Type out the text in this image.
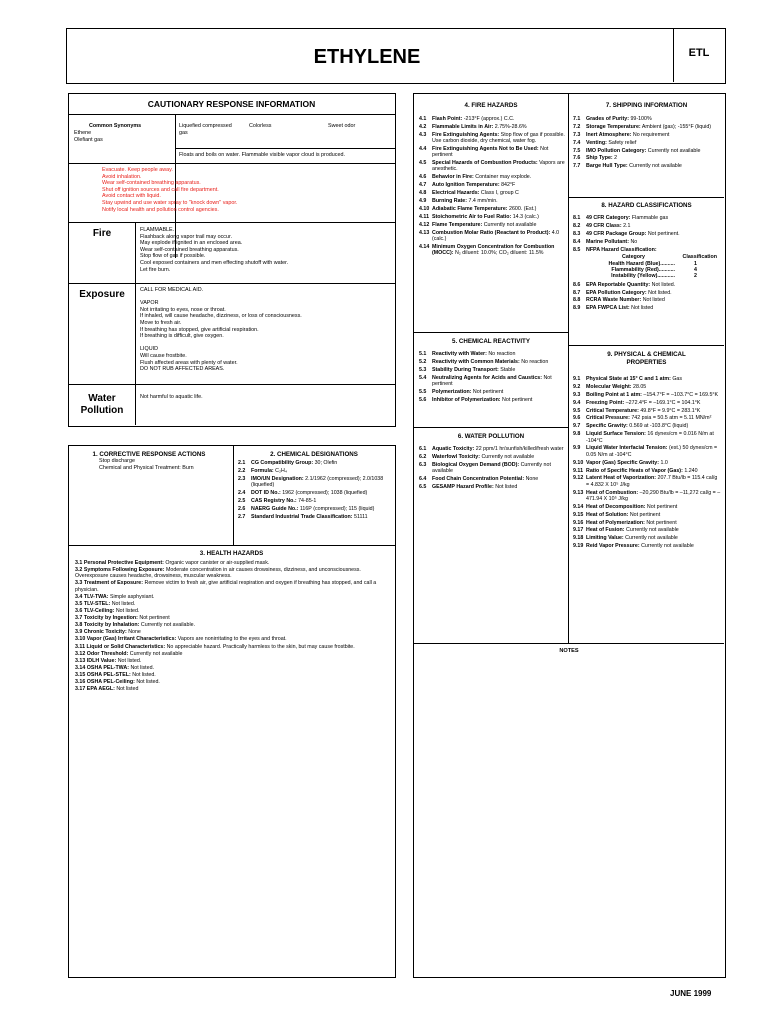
ETHYLENE	ETL
CAUTIONARY RESPONSE INFORMATION
Common Synonyms
Ethene
Olefiant gas
Liquefied compressed gas
Colorless	Sweet odor
Floats and boils on water. Flammable visible vapor cloud is produced.
Evacuate. Keep people away.
Avoid inhalation.
Wear self-contained breathing apparatus.
Shut off ignition sources and call fire department.
Avoid contact with liquid.
Stay upwind and use water spray to "knock down" vapor.
Notify local health and pollution control agencies.
Fire	FLAMMABLE.
Flashback along vapor trail may occur.
May explode if ignited in an enclosed area.
Wear self-contained breathing apparatus.
Stop flow of gas if possible.
Cool exposed containers and men effecting shutoff with water.
Let fire burn.
Exposure	CALL FOR MEDICAL AID.
VAPOR
Not irritating to eyes, nose or throat.
If inhaled, will cause headache, dizziness, or loss of consciousness.
Move to fresh air.
If breathing has stopped, give artificial respiration.
If breathing is difficult, give oxygen.
LIQUID
Will cause frostbite.
Flush affected areas with plenty of water.
DO NOT RUB AFFECTED AREAS.
Water
Pollution
Not harmful to aquatic life.
1. CORRECTIVE RESPONSE ACTIONS
Stop discharge
Chemical and Physical Treatment: Burn
2. CHEMICAL DESIGNATIONS
2.1 CG Compatibility Group: 30; Olefin
2.2 Formula: C₂H₄
2.3 IMO/UN Designation: 2.1/1962 (compressed); 2.0/1038 (liquefied)
2.4 DOT ID No.: 1962 (compressed); 1038 (liquefied)
2.5 CAS Registry No.: 74-85-1
2.6 NAERG Guide No.: 116P (compressed); 115 (liquid)
2.7 Standard Industrial Trade Classification: 51111
3. HEALTH HAZARDS
3.1 Personal Protective Equipment: Organic vapor canister or air-supplied mask.
3.2 Symptoms Following Exposure: Moderate concentration in air causes drowsiness, dizziness, and unconsciousness. Overexposure causes headache, drowsiness, muscular weakness.
3.3 Treatment of Exposure: Remove victim to fresh air, give artificial respiration and oxygen if breathing has stopped, and call a physician.
3.4 TLV-TWA: Simple asphyxiant.
3.5 TLV-STEL: Not listed.
3.6 TLV-Ceiling: Not listed.
3.7 Toxicity by Ingestion: Not pertinent
3.8 Toxicity by Inhalation: Currently not available.
3.9 Chronic Toxicity: None
3.10 Vapor (Gas) Irritant Characteristics: Vapors are nonirritating to the eyes and throat.
3.11 Liquid or Solid Characteristics: No appreciable hazard. Practically harmless to the skin, but may cause frostbite.
3.12 Odor Threshold: Currently not available
3.13 IDLH Value: Not listed.
3.14 OSHA PEL-TWA: Not listed.
3.15 OSHA PEL-STEL: Not listed.
3.16 OSHA PEL-Ceiling: Not listed.
3.17 EPA AEGL: Not listed
4. FIRE HAZARDS
4.1 Flash Point: -213°F (approx.) C.C.
4.2 Flammable Limits in Air: 2.75%-28.6%
4.3 Fire Extinguishing Agents: Stop flow of gas if possible. Use carbon dioxide, dry chemical, water fog.
4.4 Fire Extinguishing Agents Not to Be Used: Not pertinent
4.5 Special Hazards of Combustion Products: Vapors are anesthetic.
4.6 Behavior in Fire: Container may explode.
4.7 Auto Ignition Temperature: 842°F
4.8 Electrical Hazards: Class I, group C
4.9 Burning Rate: 7.4 mm/min.
4.10 Adiabatic Flame Temperature: 2600. (Est.)
4.11 Stoichometric Air to Fuel Ratio: 14.3 (calc.)
4.12 Flame Temperature: Currently not available
4.13 Combustion Molar Ratio (Reactant to Product): 4.0 (calc.)
4.14 Minimum Oxygen Concentration for Combustion (MOCC): N₂ diluent: 10.0%; CO₂ diluent: 11.5%
5. CHEMICAL REACTIVITY
5.1 Reactivity with Water: No reaction
5.2 Reactivity with Common Materials: No reaction
5.3 Stability During Transport: Stable
5.4 Neutralizing Agents for Acids and Caustics: Not pertinent
5.5 Polymerization: Not pertinent
5.6 Inhibitor of Polymerization: Not pertinent
6. WATER POLLUTION
6.1 Aquatic Toxicity: 22 ppm/1 hr/sunfish/killed/fresh water
6.2 Waterfowl Toxicity: Currently not available
6.3 Biological Oxygen Demand (BOD): Currently not available
6.4 Food Chain Concentration Potential: None
6.5 GESAMP Hazard Profile: Not listed
7. SHIPPING INFORMATION
7.1 Grades of Purity: 99-100%
7.2 Storage Temperature: Ambient (gas); -155°F (liquid)
7.3 Inert Atmosphere: No requirement
7.4 Venting: Safety relief
7.5 IMO Pollution Category: Currently not available
7.6 Ship Type: 2
7.7 Barge Hull Type: Currently not available
8. HAZARD CLASSIFICATIONS
8.1 49 CFR Category: Flammable gas
8.2 49 CFR Class: 2.1
8.3 49 CFR Package Group: Not pertinent.
8.4 Marine Pollutant: No
8.5 NFPA Hazard Classification:
Category	Classification
Health Hazard (Blue)..........	1
Flammability (Red)...........	4
Instability (Yellow)............	2
8.6 EPA Reportable Quantity: Not listed.
8.7 EPA Pollution Category: Not listed.
8.8 RCRA Waste Number: Not listed
8.9 EPA FWPCA List: Not listed
9. PHYSICAL & CHEMICAL
PROPERTIES
9.1 Physical State at 15° C and 1 atm: Gas
9.2 Molecular Weight: 28.05
9.3 Boiling Point at 1 atm: –154.7°F = –103.7°C = 169.5°K
9.4 Freezing Point: –272.4°F = –169.1°C = 104.1°K
9.5 Critical Temperature: 49.8°F = 9.9°C = 283.1°K
9.6 Critical Pressure: 742 psia = 50.5 atm = 5.11 MN/m²
9.7 Specific Gravity: 0.569 at -103.8°C (liquid)
9.8 Liquid Surface Tension: 16 dynes/cm = 0.016 N/m at -104°C
9.9 Liquid Water Interfacial Tension: (est.) 50 dynes/cm = 0.05 N/m at -104°C
9.10 Vapor (Gas) Specific Gravity: 1.0
9.11 Ratio of Specific Heats of Vapor (Gas): 1.240
9.12 Latent Heat of Vaporization: 207.7 Btu/lb = 115.4 cal/g = 4.832 X 10⁵ J/kg
9.13 Heat of Combustion: –20,290 Btu/lb = –11,272 cal/g = –471.94 X 10⁵ J/kg
9.14 Heat of Decomposition: Not pertinent
9.15 Heat of Solution: Not pertinent
9.16 Heat of Polymerization: Not pertinent
9.17 Heat of Fusion: Currently not available
9.18 Limiting Value: Currently not available
9.19 Reid Vapor Pressure: Currently not available
NOTES
JUNE 1999
